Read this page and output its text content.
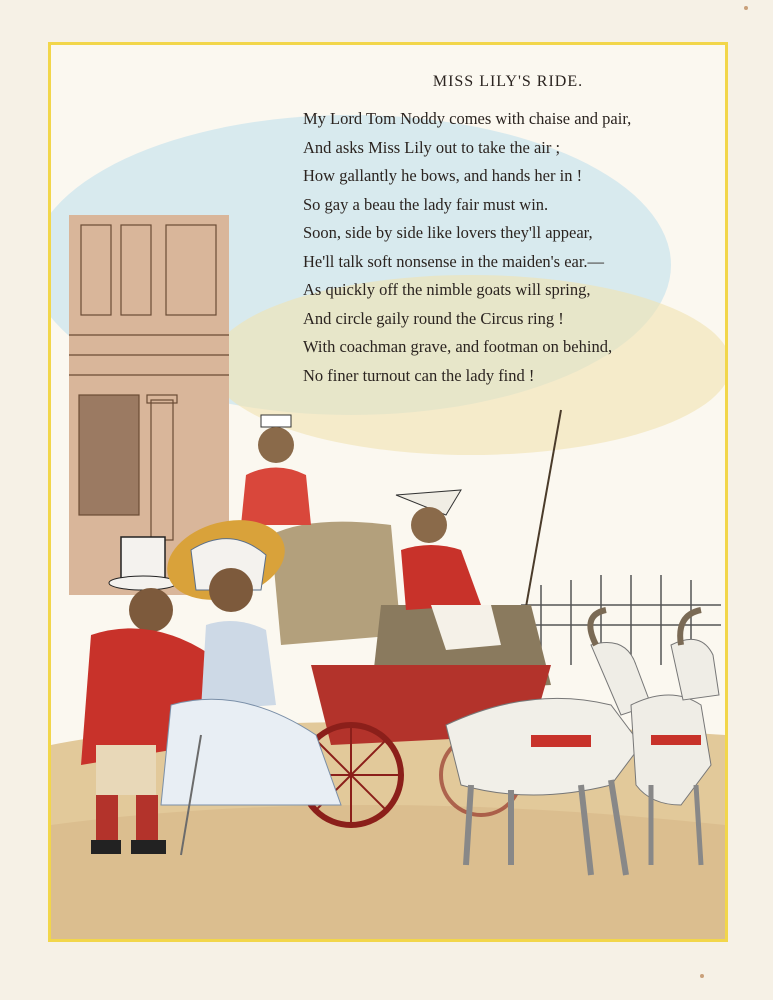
MISS LILY'S RIDE.
My Lord Tom Noddy comes with chaise and pair,
And asks Miss Lily out to take the air ;
How gallantly he bows, and hands her in !
So gay a beau the lady fair must win.
Soon, side by side like lovers they'll appear,
He'll talk soft nonsense in the maiden's ear.—
As quickly off the nimble goats will spring,
And circle gaily round the Circus ring !
With coachman grave, and footman on behind,
No finer turnout can the lady find !
